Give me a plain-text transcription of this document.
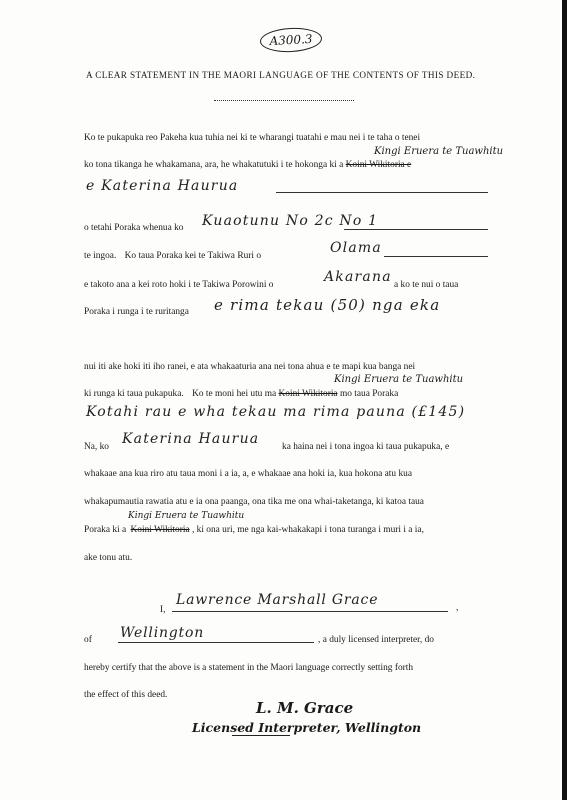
A300.3
A CLEAR STATEMENT IN THE MAORI LANGUAGE OF THE CONTENTS OF THIS DEED.
Ko te pukapuka reo Pakeha kua tuhia nei ki te wharangi tuatahi e mau nei i te taha o tenei
ko tona tikanga he whakamana, ara, he whakatutuki i te hokonga ki a Koini Wikitoria e
Kingi Eruera te Tuawhitu
e Katerina Haurua
o tetahi Poraka whenua ko Kuaotunu No 2c No 1
te ingoa. Ko taua Poraka kei te Takiwa Ruri o	Olama
e takoto ana a kei roto hoki i te Takiwa Porowini o	Akarana a ko te nui o taua
Poraka i runga i te ruritanga e rima tekau (50) nga eka
nui iti ake hoki iti iho ranei, e ata whakaaturia ana nei tona ahua e te mapi kua banga nei
ki runga ki taua pukapuka. Ko te moni hei utu ma Koini Wikitoria mo taua Poraka
Kingi Eruera te Tuawhitu
Kotahi rau e wha tekau ma rima pauna (£145)
Na, ko Katerina Haurua ka haina nei i tona ingoa ki taua pukapuka, e
whakaae ana kua riro atu taua moni i a ia, a, e whakaae ana hoki ia, kua hokona atu kua
whakapumautia rawatia atu e ia ona paanga, ona tika me ona whai-taketanga, ki katoa taua
Poraka ki a Koini Wikitoria , ki ona uri, me nga kai-whakakapi i tona turanga i muri i a ia,
Kingi Eruera te Tuawhitu
ake tonu atu.
I,
Lawrence Marshall Grace	,
of Wellington	, a duly licensed interpreter, do
hereby certify that the above is a statement in the Maori language correctly setting forth
the effect of this deed.
L. M. Grace
Licensed Interpreter, Wellington
